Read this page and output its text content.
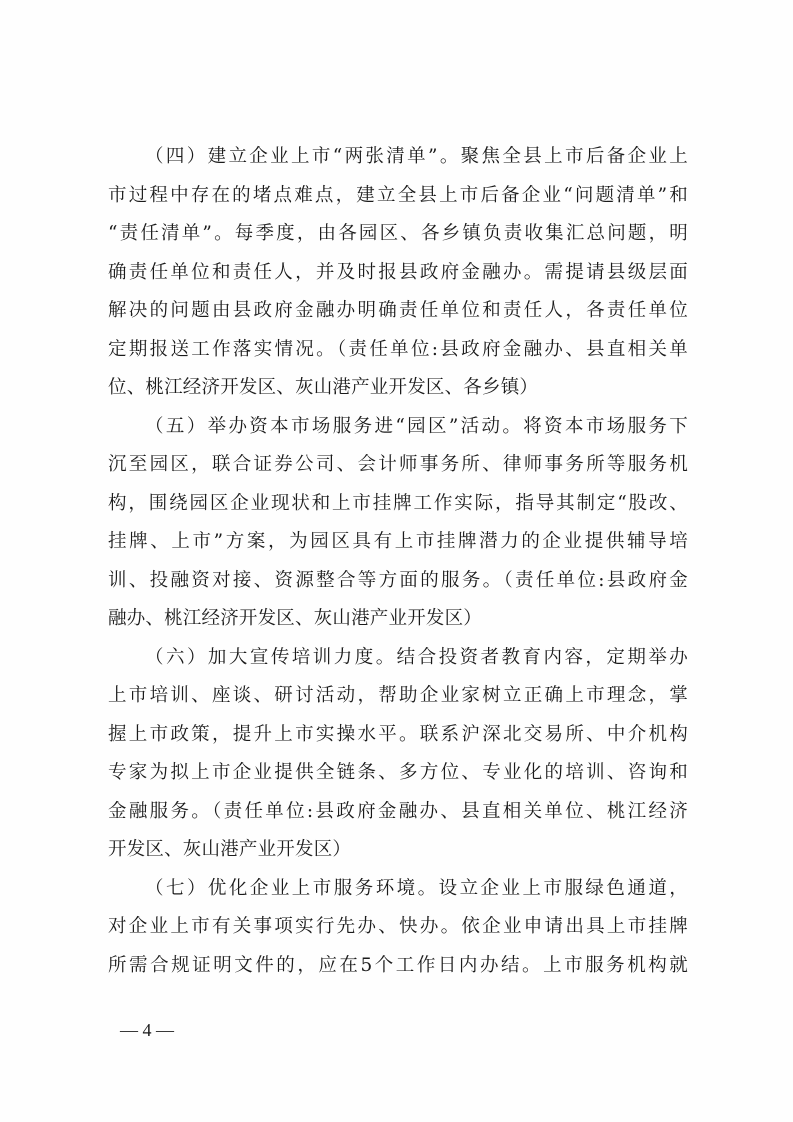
（四）建立企业上市“两张清单”。聚焦全县上市后备企业上
市过程中存在的堵点难点，建立全县上市后备企业“问题清单”和
“责任清单”。每季度，由各园区、各乡镇负责收集汇总问题，明
确责任单位和责任人，并及时报县政府金融办。需提请县级层面
解决的问题由县政府金融办明确责任单位和责任人，各责任单位
定期报送工作落实情况。（责任单位:县政府金融办、县直相关单
位、桃江经济开发区、灰山港产业开发区、各乡镇）
（五）举办资本市场服务进“园区”活动。将资本市场服务下
沉至园区，联合证券公司、会计师事务所、律师事务所等服务机
构，围绕园区企业现状和上市挂牌工作实际，指导其制定“股改、
挂牌、上市”方案，为园区具有上市挂牌潜力的企业提供辅导培
训、投融资对接、资源整合等方面的服务。（责任单位:县政府金
融办、桃江经济开发区、灰山港产业开发区）
（六）加大宣传培训力度。结合投资者教育内容，定期举办
上市培训、座谈、研讨活动，帮助企业家树立正确上市理念，掌
握上市政策，提升上市实操水平。联系沪深北交易所、中介机构
专家为拟上市企业提供全链条、多方位、专业化的培训、咨询和
金融服务。（责任单位:县政府金融办、县直相关单位、桃江经济
开发区、灰山港产业开发区）
（七）优化企业上市服务环境。设立企业上市服绿色通道，
对企业上市有关事项实行先办、快办。依企业申请出具上市挂牌
所需合规证明文件的，应在5个工作日内办结。上市服务机构就
— 4 —
